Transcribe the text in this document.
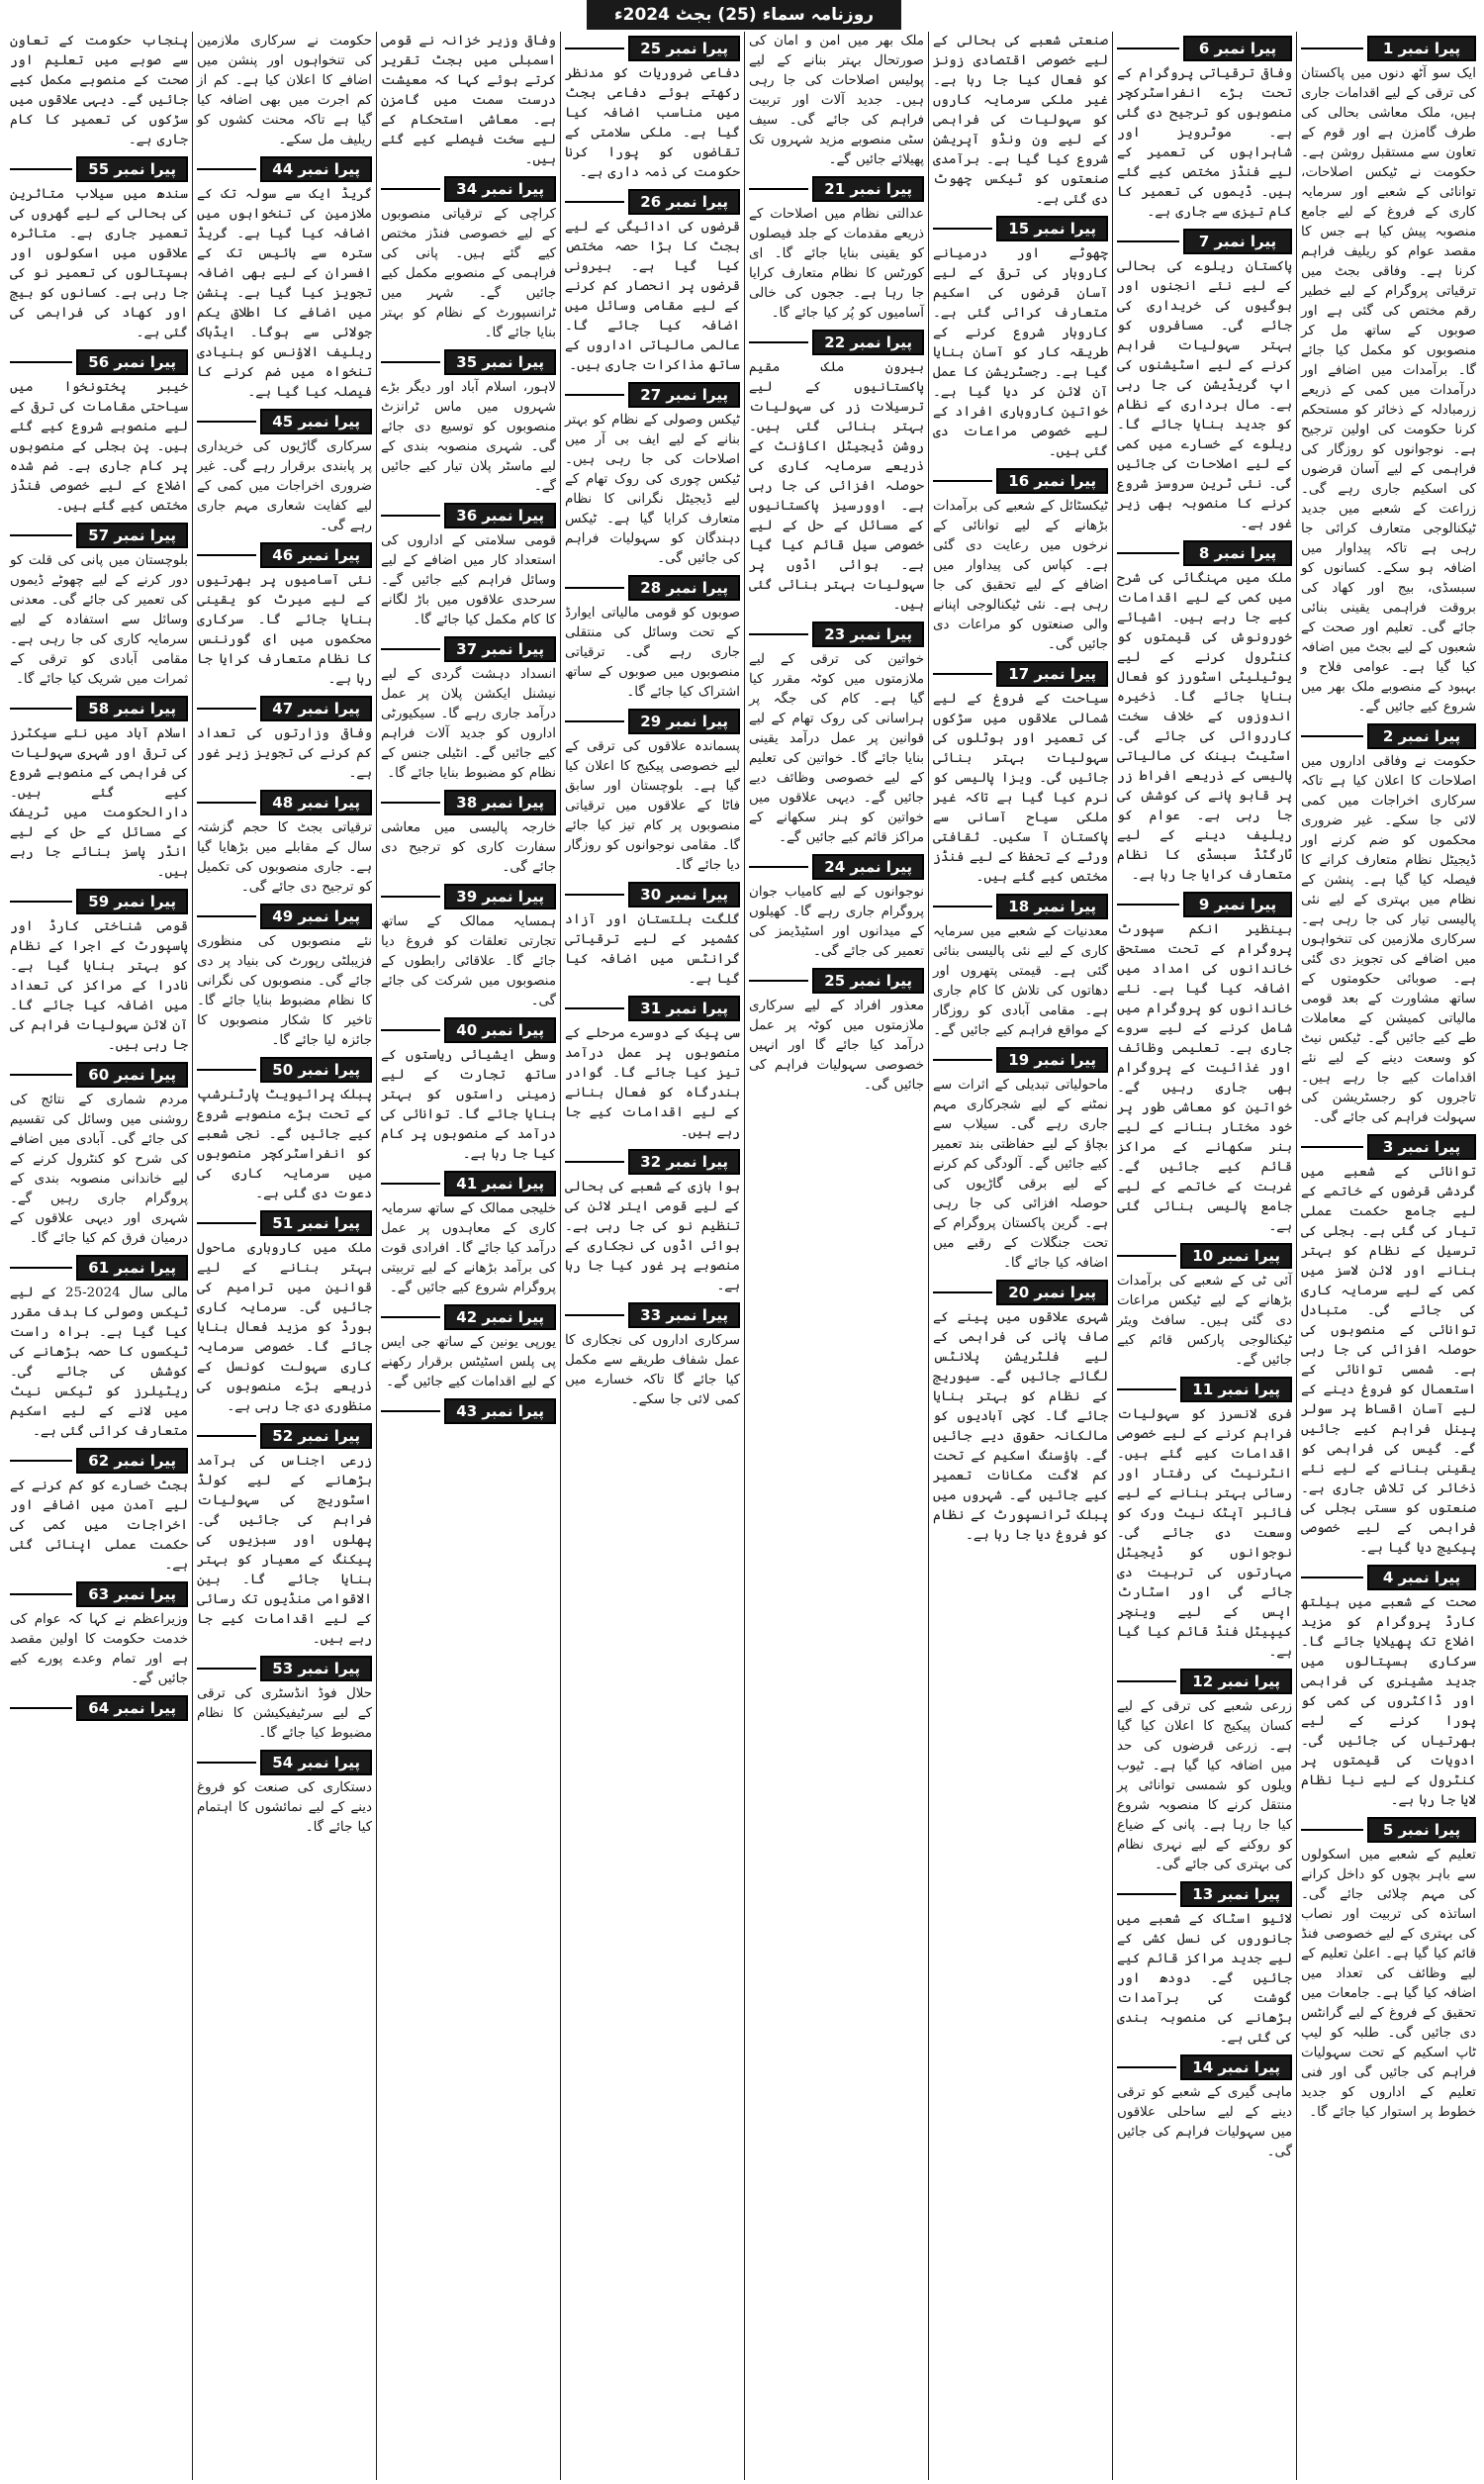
روزنامہ سماء (25) بجٹ 2024ء
پیرا نمبر 1
ایک سو آٹھ دنوں میں پاکستان کی ترقی کے لیے اقدامات جاری ہیں، ملک معاشی بحالی کی طرف گامزن ہے اور قوم کے تعاون سے مستقبل روشن ہے۔ حکومت نے ٹیکس اصلاحات، توانائی کے شعبے اور سرمایہ کاری کے فروغ کے لیے جامع منصوبہ پیش کیا ہے جس کا مقصد عوام کو ریلیف فراہم کرنا ہے۔ وفاقی بجٹ میں ترقیاتی پروگرام کے لیے خطیر رقم مختص کی گئی ہے اور صوبوں کے ساتھ مل کر منصوبوں کو مکمل کیا جائے گا۔ برآمدات میں اضافے اور درآمدات میں کمی کے ذریعے زرمبادلہ کے ذخائر کو مستحکم کرنا حکومت کی اولین ترجیح ہے۔ نوجوانوں کو روزگار کی فراہمی کے لیے آسان قرضوں کی اسکیم جاری رہے گی۔ زراعت کے شعبے میں جدید ٹیکنالوجی متعارف کرائی جا رہی ہے تاکہ پیداوار میں اضافہ ہو سکے۔ کسانوں کو سبسڈی، بیج اور کھاد کی بروقت فراہمی یقینی بنائی جائے گی۔ تعلیم اور صحت کے شعبوں کے لیے بجٹ میں اضافہ کیا گیا ہے۔ عوامی فلاح و بہبود کے منصوبے ملک بھر میں شروع کیے جائیں گے۔
پیرا نمبر 2
حکومت نے وفاقی اداروں میں اصلاحات کا اعلان کیا ہے تاکہ سرکاری اخراجات میں کمی لائی جا سکے۔ غیر ضروری محکموں کو ضم کرنے اور ڈیجیٹل نظام متعارف کرانے کا فیصلہ کیا گیا ہے۔ پنشن کے نظام میں بہتری کے لیے نئی پالیسی تیار کی جا رہی ہے۔ سرکاری ملازمین کی تنخواہوں میں اضافے کی تجویز دی گئی ہے۔ صوبائی حکومتوں کے ساتھ مشاورت کے بعد قومی مالیاتی کمیشن کے معاملات طے کیے جائیں گے۔ ٹیکس نیٹ کو وسعت دینے کے لیے نئے اقدامات کیے جا رہے ہیں۔ تاجروں کو رجسٹریشن کی سہولت فراہم کی جائے گی۔
پیرا نمبر 3
توانائی کے شعبے میں گردشی قرضوں کے خاتمے کے لیے جامع حکمت عملی تیار کی گئی ہے۔ بجلی کی ترسیل کے نظام کو بہتر بنانے اور لائن لاسز میں کمی کے لیے سرمایہ کاری کی جائے گی۔ متبادل توانائی کے منصوبوں کی حوصلہ افزائی کی جا رہی ہے۔ شمسی توانائی کے استعمال کو فروغ دینے کے لیے آسان اقساط پر سولر پینل فراہم کیے جائیں گے۔ گیس کی فراہمی کو یقینی بنانے کے لیے نئے ذخائر کی تلاش جاری ہے۔ صنعتوں کو سستی بجلی کی فراہمی کے لیے خصوصی پیکیج دیا گیا ہے۔
پیرا نمبر 4
صحت کے شعبے میں ہیلتھ کارڈ پروگرام کو مزید اضلاع تک پھیلایا جائے گا۔ سرکاری ہسپتالوں میں جدید مشینری کی فراہمی اور ڈاکٹروں کی کمی کو پورا کرنے کے لیے بھرتیاں کی جائیں گی۔ ادویات کی قیمتوں پر کنٹرول کے لیے نیا نظام لایا جا رہا ہے۔
پیرا نمبر 5
تعلیم کے شعبے میں اسکولوں سے باہر بچوں کو داخل کرانے کی مہم چلائی جائے گی۔ اساتذہ کی تربیت اور نصاب کی بہتری کے لیے خصوصی فنڈ قائم کیا گیا ہے۔ اعلیٰ تعلیم کے لیے وظائف کی تعداد میں اضافہ کیا گیا ہے۔ جامعات میں تحقیق کے فروغ کے لیے گرانٹس دی جائیں گی۔ طلبہ کو لیپ ٹاپ اسکیم کے تحت سہولیات فراہم کی جائیں گی اور فنی تعلیم کے اداروں کو جدید خطوط پر استوار کیا جائے گا۔
پیرا نمبر 6
وفاقی ترقیاتی پروگرام کے تحت بڑے انفراسٹرکچر منصوبوں کو ترجیح دی گئی ہے۔ موٹرویز اور شاہراہوں کی تعمیر کے لیے فنڈز مختص کیے گئے ہیں۔ ڈیموں کی تعمیر کا کام تیزی سے جاری ہے۔
پیرا نمبر 7
پاکستان ریلوے کی بحالی کے لیے نئے انجنوں اور بوگیوں کی خریداری کی جائے گی۔ مسافروں کو بہتر سہولیات فراہم کرنے کے لیے اسٹیشنوں کی اپ گریڈیشن کی جا رہی ہے۔ مال برداری کے نظام کو جدید بنایا جائے گا۔ ریلوے کے خسارے میں کمی کے لیے اصلاحات کی جائیں گی۔ نئی ٹرین سروسز شروع کرنے کا منصوبہ بھی زیر غور ہے۔
پیرا نمبر 8
ملک میں مہنگائی کی شرح میں کمی کے لیے اقدامات کیے جا رہے ہیں۔ اشیائے خورونوش کی قیمتوں کو کنٹرول کرنے کے لیے یوٹیلیٹی اسٹورز کو فعال بنایا جائے گا۔ ذخیرہ اندوزوں کے خلاف سخت کارروائی کی جائے گی۔ اسٹیٹ بینک کی مالیاتی پالیسی کے ذریعے افراط زر پر قابو پانے کی کوشش کی جا رہی ہے۔ عوام کو ریلیف دینے کے لیے ٹارگٹڈ سبسڈی کا نظام متعارف کرایا جا رہا ہے۔
پیرا نمبر 9
بینظیر انکم سپورٹ پروگرام کے تحت مستحق خاندانوں کی امداد میں اضافہ کیا گیا ہے۔ نئے خاندانوں کو پروگرام میں شامل کرنے کے لیے سروے جاری ہے۔ تعلیمی وظائف اور غذائیت کے پروگرام بھی جاری رہیں گے۔ خواتین کو معاشی طور پر خود مختار بنانے کے لیے ہنر سکھانے کے مراکز قائم کیے جائیں گے۔ غربت کے خاتمے کے لیے جامع پالیسی بنائی گئی ہے۔
پیرا نمبر 10
آئی ٹی کے شعبے کی برآمدات بڑھانے کے لیے ٹیکس مراعات دی گئی ہیں۔ سافٹ ویئر ٹیکنالوجی پارکس قائم کیے جائیں گے۔
پیرا نمبر 11
فری لانسرز کو سہولیات فراہم کرنے کے لیے خصوصی اقدامات کیے گئے ہیں۔ انٹرنیٹ کی رفتار اور رسائی بہتر بنانے کے لیے فائبر آپٹک نیٹ ورک کو وسعت دی جائے گی۔ نوجوانوں کو ڈیجیٹل مہارتوں کی تربیت دی جائے گی اور اسٹارٹ اپس کے لیے وینچر کیپیٹل فنڈ قائم کیا گیا ہے۔
پیرا نمبر 12
زرعی شعبے کی ترقی کے لیے کسان پیکیج کا اعلان کیا گیا ہے۔ زرعی قرضوں کی حد میں اضافہ کیا گیا ہے۔ ٹیوب ویلوں کو شمسی توانائی پر منتقل کرنے کا منصوبہ شروع کیا جا رہا ہے۔ پانی کے ضیاع کو روکنے کے لیے نہری نظام کی بہتری کی جائے گی۔
پیرا نمبر 13
لائیو اسٹاک کے شعبے میں جانوروں کی نسل کشی کے لیے جدید مراکز قائم کیے جائیں گے۔ دودھ اور گوشت کی برآمدات بڑھانے کی منصوبہ بندی کی گئی ہے۔
پیرا نمبر 14
ماہی گیری کے شعبے کو ترقی دینے کے لیے ساحلی علاقوں میں سہولیات فراہم کی جائیں گی۔
صنعتی شعبے کی بحالی کے لیے خصوصی اقتصادی زونز کو فعال کیا جا رہا ہے۔ غیر ملکی سرمایہ کاروں کو سہولیات کی فراہمی کے لیے ون ونڈو آپریشن شروع کیا گیا ہے۔ برآمدی صنعتوں کو ٹیکس چھوٹ دی گئی ہے۔
پیرا نمبر 15
چھوٹے اور درمیانے کاروبار کی ترقی کے لیے آسان قرضوں کی اسکیم متعارف کرائی گئی ہے۔ کاروبار شروع کرنے کے طریقہ کار کو آسان بنایا گیا ہے۔ رجسٹریشن کا عمل آن لائن کر دیا گیا ہے۔ خواتین کاروباری افراد کے لیے خصوصی مراعات دی گئی ہیں۔
پیرا نمبر 16
ٹیکسٹائل کے شعبے کی برآمدات بڑھانے کے لیے توانائی کے نرخوں میں رعایت دی گئی ہے۔ کپاس کی پیداوار میں اضافے کے لیے تحقیق کی جا رہی ہے۔ نئی ٹیکنالوجی اپنانے والی صنعتوں کو مراعات دی جائیں گی۔
پیرا نمبر 17
سیاحت کے فروغ کے لیے شمالی علاقوں میں سڑکوں کی تعمیر اور ہوٹلوں کی سہولیات بہتر بنائی جائیں گی۔ ویزا پالیسی کو نرم کیا گیا ہے تاکہ غیر ملکی سیاح آسانی سے پاکستان آ سکیں۔ ثقافتی ورثے کے تحفظ کے لیے فنڈز مختص کیے گئے ہیں۔
پیرا نمبر 18
معدنیات کے شعبے میں سرمایہ کاری کے لیے نئی پالیسی بنائی گئی ہے۔ قیمتی پتھروں اور دھاتوں کی تلاش کا کام جاری ہے۔ مقامی آبادی کو روزگار کے مواقع فراہم کیے جائیں گے۔
پیرا نمبر 19
ماحولیاتی تبدیلی کے اثرات سے نمٹنے کے لیے شجرکاری مہم جاری رہے گی۔ سیلاب سے بچاؤ کے لیے حفاظتی بند تعمیر کیے جائیں گے۔ آلودگی کم کرنے کے لیے برقی گاڑیوں کی حوصلہ افزائی کی جا رہی ہے۔ گرین پاکستان پروگرام کے تحت جنگلات کے رقبے میں اضافہ کیا جائے گا۔
پیرا نمبر 20
شہری علاقوں میں پینے کے صاف پانی کی فراہمی کے لیے فلٹریشن پلانٹس لگائے جائیں گے۔ سیوریج کے نظام کو بہتر بنایا جائے گا۔ کچی آبادیوں کو مالکانہ حقوق دیے جائیں گے۔ ہاؤسنگ اسکیم کے تحت کم لاگت مکانات تعمیر کیے جائیں گے۔ شہروں میں پبلک ٹرانسپورٹ کے نظام کو فروغ دیا جا رہا ہے۔
ملک بھر میں امن و امان کی صورتحال بہتر بنانے کے لیے پولیس اصلاحات کی جا رہی ہیں۔ جدید آلات اور تربیت فراہم کی جائے گی۔ سیف سٹی منصوبے مزید شہروں تک پھیلائے جائیں گے۔
پیرا نمبر 21
عدالتی نظام میں اصلاحات کے ذریعے مقدمات کے جلد فیصلوں کو یقینی بنایا جائے گا۔ ای کورٹس کا نظام متعارف کرایا جا رہا ہے۔ ججوں کی خالی آسامیوں کو پُر کیا جائے گا۔
پیرا نمبر 22
بیرون ملک مقیم پاکستانیوں کے لیے ترسیلات زر کی سہولیات بہتر بنائی گئی ہیں۔ روشن ڈیجیٹل اکاؤنٹ کے ذریعے سرمایہ کاری کی حوصلہ افزائی کی جا رہی ہے۔ اوورسیز پاکستانیوں کے مسائل کے حل کے لیے خصوصی سیل قائم کیا گیا ہے۔ ہوائی اڈوں پر سہولیات بہتر بنائی گئی ہیں۔
پیرا نمبر 23
خواتین کی ترقی کے لیے ملازمتوں میں کوٹہ مقرر کیا گیا ہے۔ کام کی جگہ پر ہراسانی کی روک تھام کے لیے قوانین پر عمل درآمد یقینی بنایا جائے گا۔ خواتین کی تعلیم کے لیے خصوصی وظائف دیے جائیں گے۔ دیہی علاقوں میں خواتین کو ہنر سکھانے کے مراکز قائم کیے جائیں گے۔
پیرا نمبر 24
نوجوانوں کے لیے کامیاب جوان پروگرام جاری رہے گا۔ کھیلوں کے میدانوں اور اسٹیڈیمز کی تعمیر کی جائے گی۔
پیرا نمبر 25
معذور افراد کے لیے سرکاری ملازمتوں میں کوٹہ پر عمل درآمد کیا جائے گا اور انہیں خصوصی سہولیات فراہم کی جائیں گی۔
پیرا نمبر 25
دفاعی ضروریات کو مدنظر رکھتے ہوئے دفاعی بجٹ میں مناسب اضافہ کیا گیا ہے۔ ملکی سلامتی کے تقاضوں کو پورا کرنا حکومت کی ذمہ داری ہے۔
پیرا نمبر 26
قرضوں کی ادائیگی کے لیے بجٹ کا بڑا حصہ مختص کیا گیا ہے۔ بیرونی قرضوں پر انحصار کم کرنے کے لیے مقامی وسائل میں اضافہ کیا جائے گا۔ عالمی مالیاتی اداروں کے ساتھ مذاکرات جاری ہیں۔
پیرا نمبر 27
ٹیکس وصولی کے نظام کو بہتر بنانے کے لیے ایف بی آر میں اصلاحات کی جا رہی ہیں۔ ٹیکس چوری کی روک تھام کے لیے ڈیجیٹل نگرانی کا نظام متعارف کرایا گیا ہے۔ ٹیکس دہندگان کو سہولیات فراہم کی جائیں گی۔
پیرا نمبر 28
صوبوں کو قومی مالیاتی ایوارڈ کے تحت وسائل کی منتقلی جاری رہے گی۔ ترقیاتی منصوبوں میں صوبوں کے ساتھ اشتراک کیا جائے گا۔
پیرا نمبر 29
پسماندہ علاقوں کی ترقی کے لیے خصوصی پیکیج کا اعلان کیا گیا ہے۔ بلوچستان اور سابق فاٹا کے علاقوں میں ترقیاتی منصوبوں پر کام تیز کیا جائے گا۔ مقامی نوجوانوں کو روزگار دیا جائے گا۔
پیرا نمبر 30
گلگت بلتستان اور آزاد کشمیر کے لیے ترقیاتی گرانٹس میں اضافہ کیا گیا ہے۔
پیرا نمبر 31
سی پیک کے دوسرے مرحلے کے منصوبوں پر عمل درآمد تیز کیا جائے گا۔ گوادر بندرگاہ کو فعال بنانے کے لیے اقدامات کیے جا رہے ہیں۔
پیرا نمبر 32
ہوا بازی کے شعبے کی بحالی کے لیے قومی ایئر لائن کی تنظیم نو کی جا رہی ہے۔ ہوائی اڈوں کی نجکاری کے منصوبے پر غور کیا جا رہا ہے۔
پیرا نمبر 33
سرکاری اداروں کی نجکاری کا عمل شفاف طریقے سے مکمل کیا جائے گا تاکہ خسارے میں کمی لائی جا سکے۔
وفاقی وزیر خزانہ نے قومی اسمبلی میں بجٹ تقریر کرتے ہوئے کہا کہ معیشت درست سمت میں گامزن ہے۔ معاشی استحکام کے لیے سخت فیصلے کیے گئے ہیں۔
پیرا نمبر 34
کراچی کے ترقیاتی منصوبوں کے لیے خصوصی فنڈز مختص کیے گئے ہیں۔ پانی کی فراہمی کے منصوبے مکمل کیے جائیں گے۔ شہر میں ٹرانسپورٹ کے نظام کو بہتر بنایا جائے گا۔
پیرا نمبر 35
لاہور، اسلام آباد اور دیگر بڑے شہروں میں ماس ٹرانزٹ منصوبوں کو توسیع دی جائے گی۔ شہری منصوبہ بندی کے لیے ماسٹر پلان تیار کیے جائیں گے۔
پیرا نمبر 36
قومی سلامتی کے اداروں کی استعداد کار میں اضافے کے لیے وسائل فراہم کیے جائیں گے۔ سرحدی علاقوں میں باڑ لگانے کا کام مکمل کیا جائے گا۔
پیرا نمبر 37
انسداد دہشت گردی کے لیے نیشنل ایکشن پلان پر عمل درآمد جاری رہے گا۔ سیکیورٹی اداروں کو جدید آلات فراہم کیے جائیں گے۔ انٹیلی جنس کے نظام کو مضبوط بنایا جائے گا۔
پیرا نمبر 38
خارجہ پالیسی میں معاشی سفارت کاری کو ترجیح دی جائے گی۔
پیرا نمبر 39
ہمسایہ ممالک کے ساتھ تجارتی تعلقات کو فروغ دیا جائے گا۔ علاقائی رابطوں کے منصوبوں میں شرکت کی جائے گی۔
پیرا نمبر 40
وسطی ایشیائی ریاستوں کے ساتھ تجارت کے لیے زمینی راستوں کو بہتر بنایا جائے گا۔ توانائی کی درآمد کے منصوبوں پر کام کیا جا رہا ہے۔
پیرا نمبر 41
خلیجی ممالک کے ساتھ سرمایہ کاری کے معاہدوں پر عمل درآمد کیا جائے گا۔ افرادی قوت کی برآمد بڑھانے کے لیے تربیتی پروگرام شروع کیے جائیں گے۔
پیرا نمبر 42
یورپی یونین کے ساتھ جی ایس پی پلس اسٹیٹس برقرار رکھنے کے لیے اقدامات کیے جائیں گے۔
پیرا نمبر 43
حکومت نے سرکاری ملازمین کی تنخواہوں اور پنشن میں اضافے کا اعلان کیا ہے۔ کم از کم اجرت میں بھی اضافہ کیا گیا ہے تاکہ محنت کشوں کو ریلیف مل سکے۔
پیرا نمبر 44
گریڈ ایک سے سولہ تک کے ملازمین کی تنخواہوں میں اضافہ کیا گیا ہے۔ گریڈ سترہ سے بائیس تک کے افسران کے لیے بھی اضافہ تجویز کیا گیا ہے۔ پنشن میں اضافے کا اطلاق یکم جولائی سے ہوگا۔ ایڈہاک ریلیف الاؤنس کو بنیادی تنخواہ میں ضم کرنے کا فیصلہ کیا گیا ہے۔
پیرا نمبر 45
سرکاری گاڑیوں کی خریداری پر پابندی برقرار رہے گی۔ غیر ضروری اخراجات میں کمی کے لیے کفایت شعاری مہم جاری رہے گی۔
پیرا نمبر 46
نئی آسامیوں پر بھرتیوں کے لیے میرٹ کو یقینی بنایا جائے گا۔ سرکاری محکموں میں ای گورننس کا نظام متعارف کرایا جا رہا ہے۔
پیرا نمبر 47
وفاقی وزارتوں کی تعداد کم کرنے کی تجویز زیر غور ہے۔
پیرا نمبر 48
ترقیاتی بجٹ کا حجم گزشتہ سال کے مقابلے میں بڑھایا گیا ہے۔ جاری منصوبوں کی تکمیل کو ترجیح دی جائے گی۔
پیرا نمبر 49
نئے منصوبوں کی منظوری فزیبلٹی رپورٹ کی بنیاد پر دی جائے گی۔ منصوبوں کی نگرانی کا نظام مضبوط بنایا جائے گا۔ تاخیر کا شکار منصوبوں کا جائزہ لیا جائے گا۔
پیرا نمبر 50
پبلک پرائیویٹ پارٹنرشپ کے تحت بڑے منصوبے شروع کیے جائیں گے۔ نجی شعبے کو انفراسٹرکچر منصوبوں میں سرمایہ کاری کی دعوت دی گئی ہے۔
پیرا نمبر 51
ملک میں کاروباری ماحول بہتر بنانے کے لیے قوانین میں ترامیم کی جائیں گی۔ سرمایہ کاری بورڈ کو مزید فعال بنایا جائے گا۔ خصوصی سرمایہ کاری سہولت کونسل کے ذریعے بڑے منصوبوں کی منظوری دی جا رہی ہے۔
پیرا نمبر 52
زرعی اجناس کی برآمد بڑھانے کے لیے کولڈ اسٹوریج کی سہولیات فراہم کی جائیں گی۔ پھلوں اور سبزیوں کی پیکنگ کے معیار کو بہتر بنایا جائے گا۔ بین الاقوامی منڈیوں تک رسائی کے لیے اقدامات کیے جا رہے ہیں۔
پیرا نمبر 53
حلال فوڈ انڈسٹری کی ترقی کے لیے سرٹیفیکیشن کا نظام مضبوط کیا جائے گا۔
پیرا نمبر 54
دستکاری کی صنعت کو فروغ دینے کے لیے نمائشوں کا اہتمام کیا جائے گا۔
پنجاب حکومت کے تعاون سے صوبے میں تعلیم اور صحت کے منصوبے مکمل کیے جائیں گے۔ دیہی علاقوں میں سڑکوں کی تعمیر کا کام جاری ہے۔
پیرا نمبر 55
سندھ میں سیلاب متاثرین کی بحالی کے لیے گھروں کی تعمیر جاری ہے۔ متاثرہ علاقوں میں اسکولوں اور ہسپتالوں کی تعمیر نو کی جا رہی ہے۔ کسانوں کو بیج اور کھاد کی فراہمی کی گئی ہے۔
پیرا نمبر 56
خیبر پختونخوا میں سیاحتی مقامات کی ترقی کے لیے منصوبے شروع کیے گئے ہیں۔ پن بجلی کے منصوبوں پر کام جاری ہے۔ ضم شدہ اضلاع کے لیے خصوصی فنڈز مختص کیے گئے ہیں۔
پیرا نمبر 57
بلوچستان میں پانی کی قلت کو دور کرنے کے لیے چھوٹے ڈیموں کی تعمیر کی جائے گی۔ معدنی وسائل سے استفادہ کے لیے سرمایہ کاری کی جا رہی ہے۔ مقامی آبادی کو ترقی کے ثمرات میں شریک کیا جائے گا۔
پیرا نمبر 58
اسلام آباد میں نئے سیکٹرز کی ترقی اور شہری سہولیات کی فراہمی کے منصوبے شروع کیے گئے ہیں۔ دارالحکومت میں ٹریفک کے مسائل کے حل کے لیے انڈر پاسز بنائے جا رہے ہیں۔
پیرا نمبر 59
قومی شناختی کارڈ اور پاسپورٹ کے اجرا کے نظام کو بہتر بنایا گیا ہے۔ نادرا کے مراکز کی تعداد میں اضافہ کیا جائے گا۔ آن لائن سہولیات فراہم کی جا رہی ہیں۔
پیرا نمبر 60
مردم شماری کے نتائج کی روشنی میں وسائل کی تقسیم کی جائے گی۔ آبادی میں اضافے کی شرح کو کنٹرول کرنے کے لیے خاندانی منصوبہ بندی کے پروگرام جاری رہیں گے۔ شہری اور دیہی علاقوں کے درمیان فرق کم کیا جائے گا۔
پیرا نمبر 61
مالی سال 2024-25 کے لیے ٹیکس وصولی کا ہدف مقرر کیا گیا ہے۔ براہ راست ٹیکسوں کا حصہ بڑھانے کی کوشش کی جائے گی۔ ریٹیلرز کو ٹیکس نیٹ میں لانے کے لیے اسکیم متعارف کرائی گئی ہے۔
پیرا نمبر 62
بجٹ خسارے کو کم کرنے کے لیے آمدن میں اضافے اور اخراجات میں کمی کی حکمت عملی اپنائی گئی ہے۔
پیرا نمبر 63
وزیراعظم نے کہا کہ عوام کی خدمت حکومت کا اولین مقصد ہے اور تمام وعدے پورے کیے جائیں گے۔
پیرا نمبر 64
